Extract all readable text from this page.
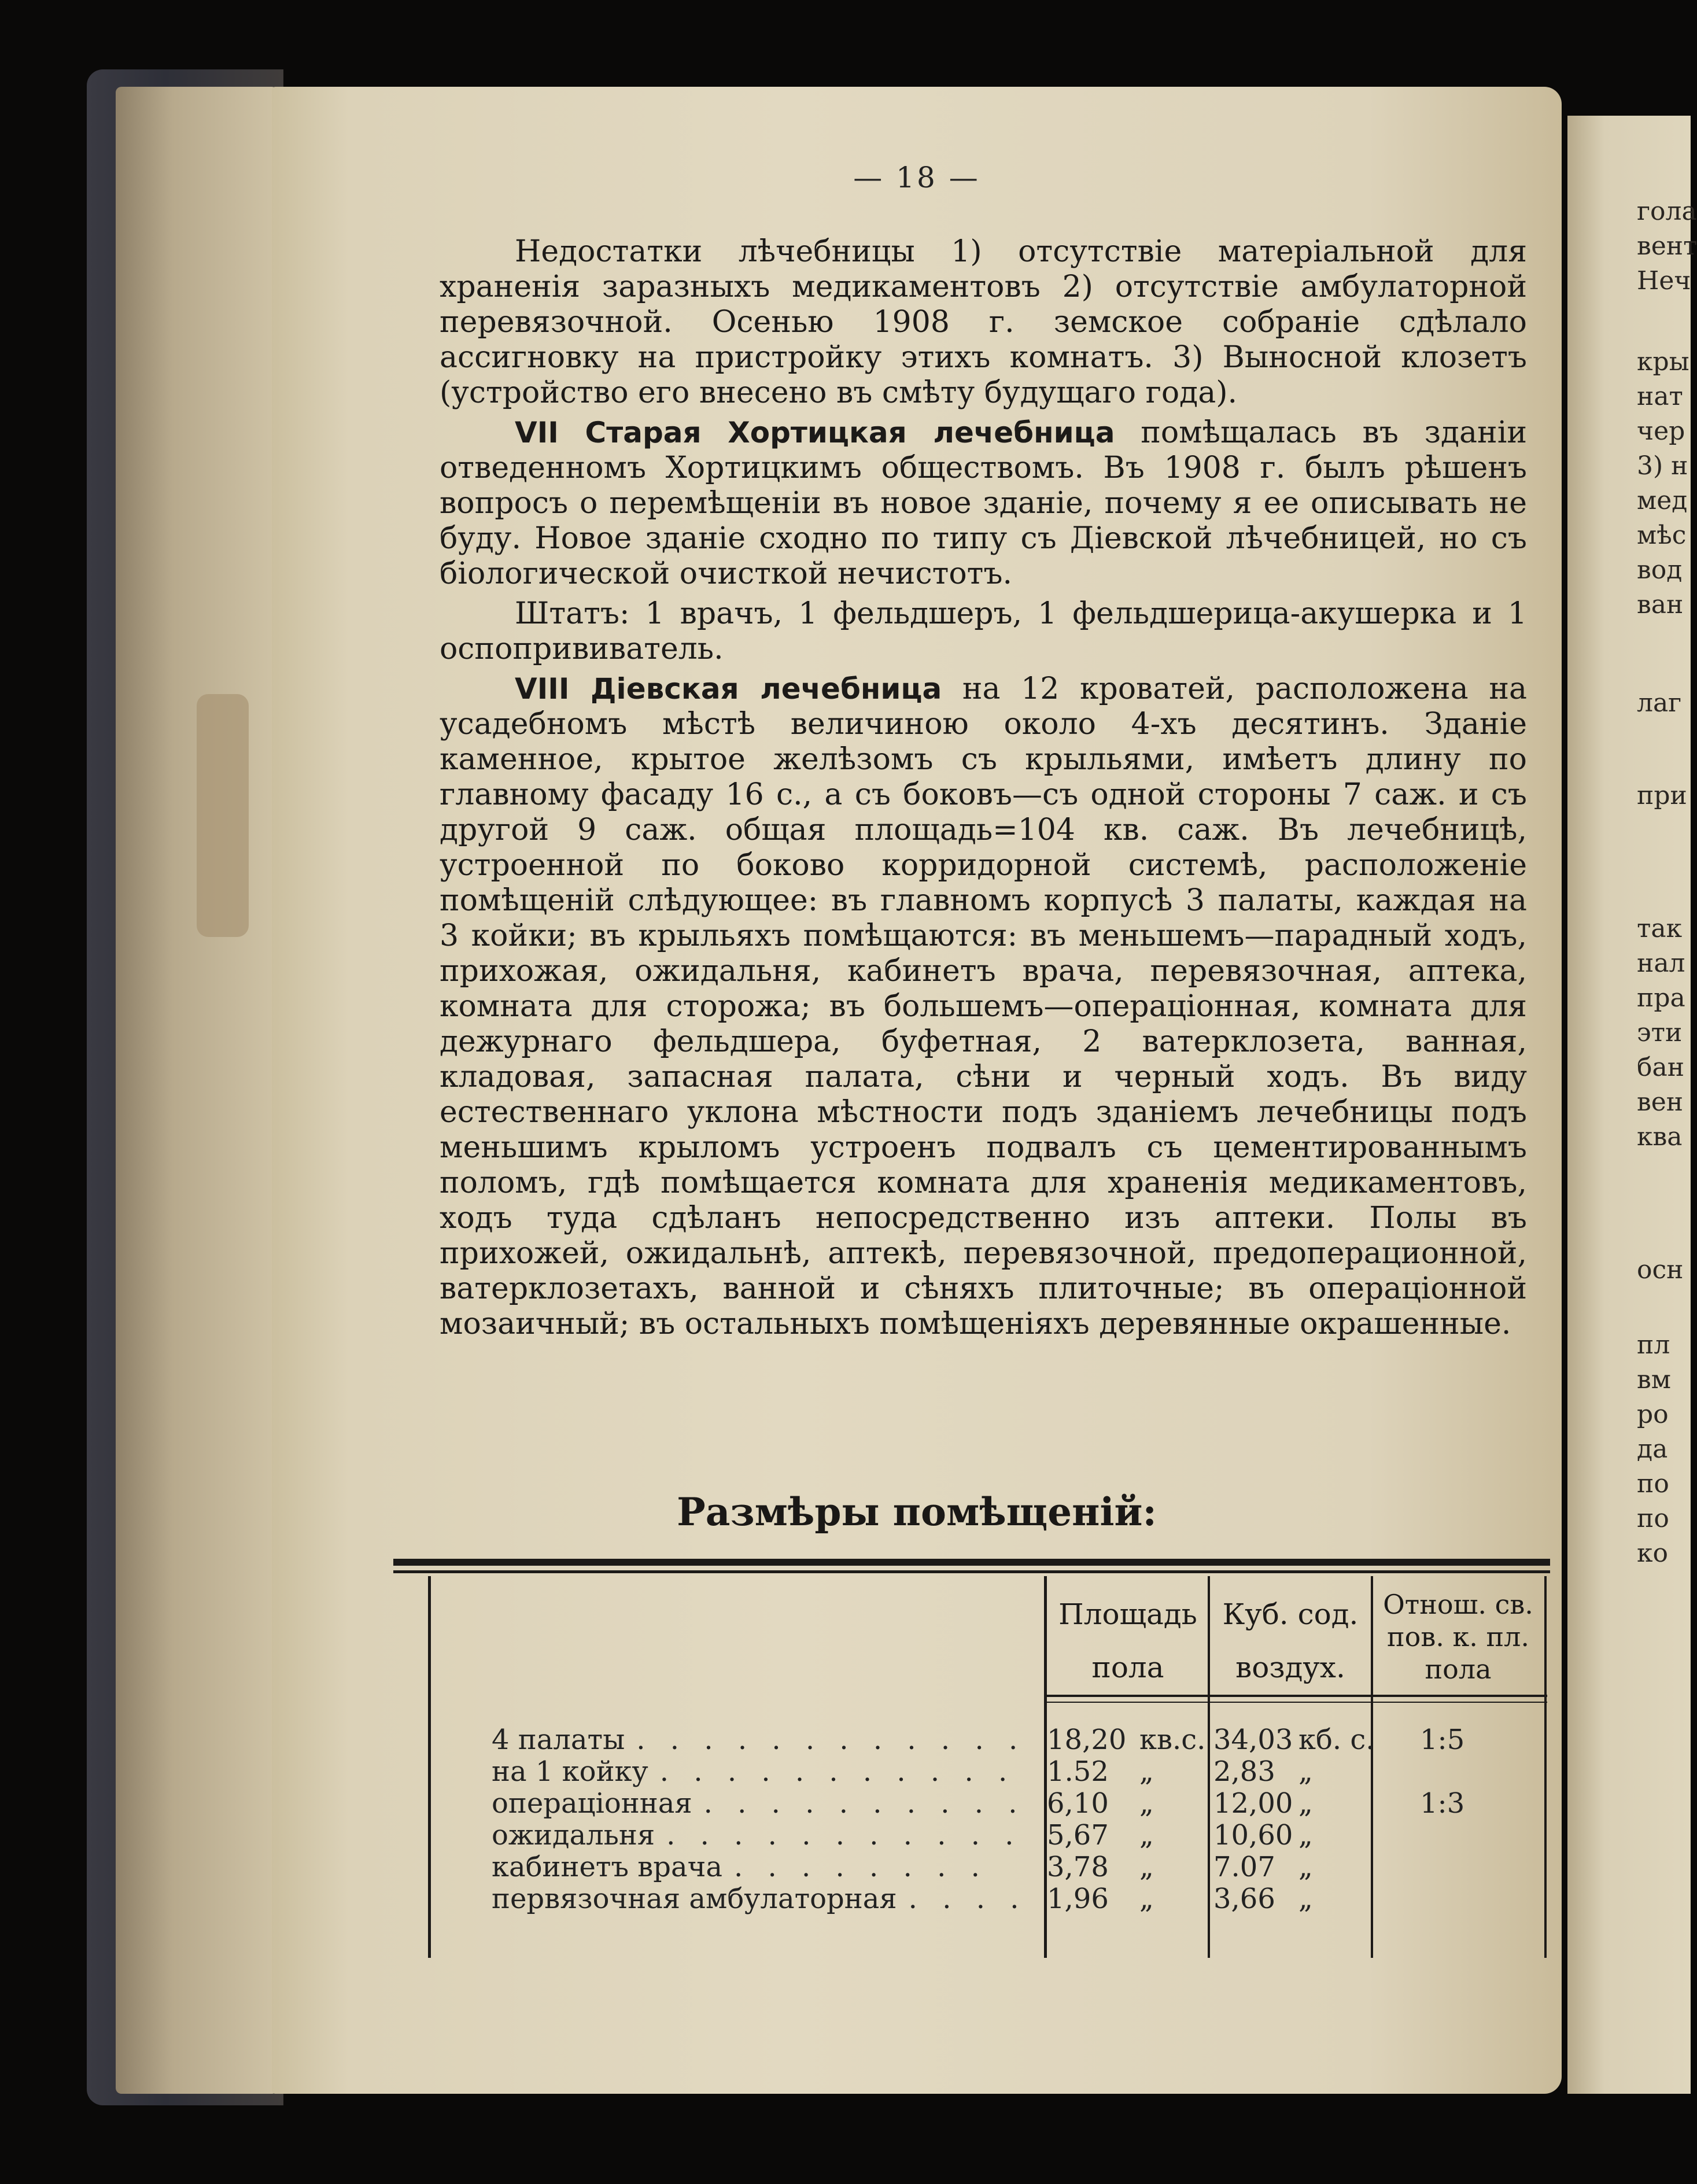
гола
вент
Неч
кры
нат
чер
3) н
мед
мѣс
вод
ван
лаг
при
так
нал
пра
эти
бан
вен
ква
осн
пл
вм
ро
да
по
по
ко
— 18 —

Недостатки лѣчебницы 1) отсутствіе матеріальной для храненія заразныхъ медикаментовъ 2) отсутствіе амбулаторной перевязочной. Осенью 1908 г. земское собраніе сдѣлало ассигновку на пристройку этихъ комнатъ. 3) Выносной клозетъ (устройство его внесено въ смѣту будущаго года).

VII Старая Хортицкая лечебница помѣщалась въ зданіи отведенномъ Хортицкимъ обществомъ. Въ 1908 г. былъ рѣшенъ вопросъ о перемѣщеніи въ новое зданіе, почему я ее описывать не буду. Новое зданіе сходно по типу съ Діевской лѣчебницей, но съ біологической очисткой нечистотъ.

Штатъ: 1 врачъ, 1 фельдшеръ, 1 фельдшерица-акушерка и 1 оспопрививатель.

VIII Діевская лечебница на 12 кроватей, расположена на усадебномъ мѣстѣ величиною около 4-хъ десятинъ. Зданіе каменное, крытое желѣзомъ съ крыльями, имѣетъ длину по главному фасаду 16 с., а съ боковъ—съ одной стороны 7 саж. и съ другой 9 саж. общая площадь=104 кв. саж. Въ лечебницѣ, устроенной по боково корридорной системѣ, расположеніе помѣщеній слѣдующее: въ главномъ корпусѣ 3 палаты, каждая на 3 койки; въ крыльяхъ помѣщаются: въ меньшемъ—парадный ходъ, прихожая, ожидальня, кабинетъ врача, перевязочная, аптека, комната для сторожа; въ большемъ—операціонная, комната для дежурнаго фельдшера, буфетная, 2 ватерклозета, ванная, кладовая, запасная палата, сѣни и черный ходъ. Въ виду естественнаго уклона мѣстности подъ зданіемъ лечебницы подъ меньшимъ крыломъ устроенъ подвалъ съ цементированнымъ поломъ, гдѣ помѣщается комната для храненія медикаментовъ, ходъ туда сдѣланъ непосредственно изъ аптеки. Полы въ прихожей, ожидальнѣ, аптекѣ, перевязочной, предоперационной, ватерклозетахъ, ванной и сѣняхъ плиточные; въ операціонной мозаичный; въ остальныхъ помѣщеніяхъ деревянные окрашенные.

Размѣры помѣщеній:
Площадь пола
Куб. сод. воздух.
Отнош. св. пов. к. пл. пола
4 палаты . . . . . . . . . . . . 18,20 кв.с. 34,03 кб. с. 1:5
на 1 койку . . . . . . . . . . . 1.52 „ 2,83 „
операціонная . . . . . . . . . . 6,10 „ 12,00 „	1:3
ожидальня . . . . . . . . . . . 5,67 „ 10,60 „
кабинетъ врача . . . . . . . . 3,78 „ 7.07 „
первязочная амбулаторная . . . . 1,96 „ 3,66 „
